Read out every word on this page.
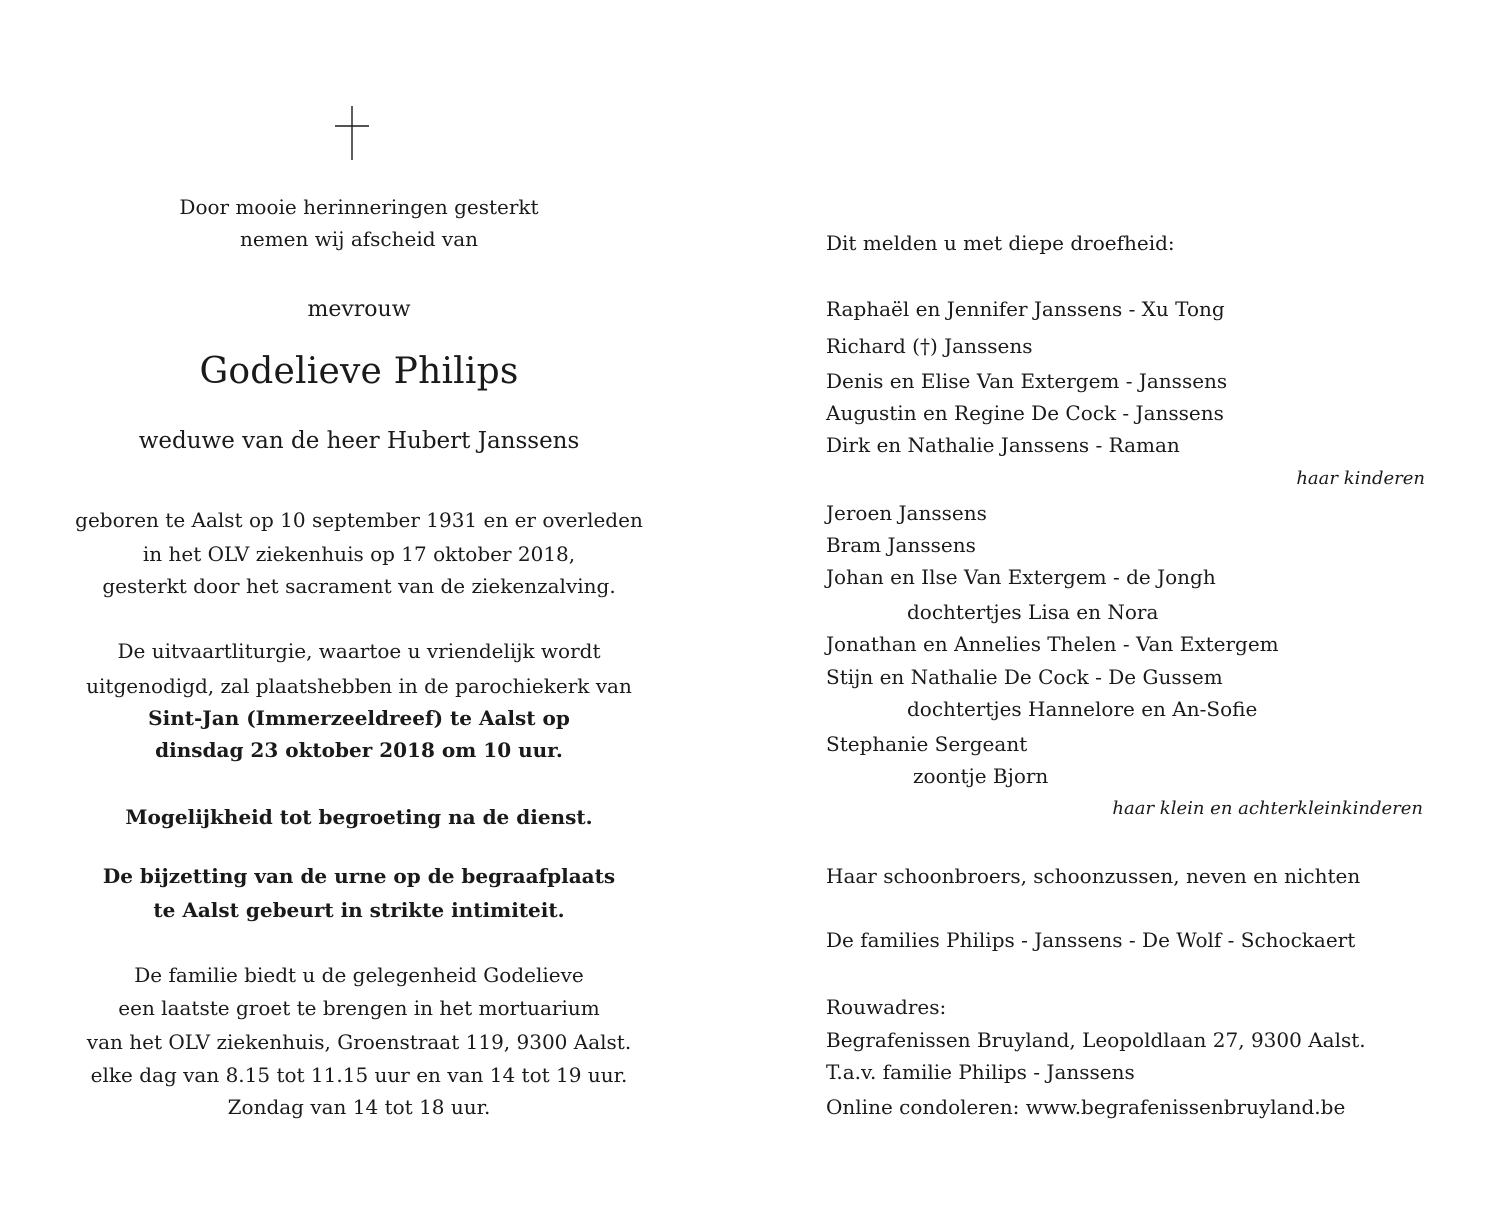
Door mooie herinneringen gesterkt
nemen wij afscheid van
mevrouw
Godelieve Philips
weduwe van de heer Hubert Janssens
geboren te Aalst op 10 september 1931 en er overleden
in het OLV ziekenhuis op 17 oktober 2018,
gesterkt door het sacrament van de ziekenzalving.
De uitvaartliturgie, waartoe u vriendelijk wordt
uitgenodigd, zal plaatshebben in de parochiekerk van
Sint-Jan (Immerzeeldreef) te Aalst op
dinsdag 23 oktober 2018 om 10 uur.
Mogelijkheid tot begroeting na de dienst.
De bijzetting van de urne op de begraafplaats
te Aalst gebeurt in strikte intimiteit.
De familie biedt u de gelegenheid Godelieve
een laatste groet te brengen in het mortuarium
van het OLV ziekenhuis, Groenstraat 119, 9300 Aalst.
elke dag van 8.15 tot 11.15 uur en van 14 tot 19 uur.
Zondag van 14 tot 18 uur.
Dit melden u met diepe droefheid:
Raphaël en Jennifer Janssens - Xu Tong
Richard (†) Janssens
Denis en Elise Van Extergem - Janssens
Augustin en Regine De Cock - Janssens
Dirk en Nathalie Janssens - Raman
haar kinderen
Jeroen Janssens
Bram Janssens
Johan en Ilse Van Extergem - de Jongh
dochtertjes Lisa en Nora
Jonathan en Annelies Thelen - Van Extergem
Stijn en Nathalie De Cock - De Gussem
dochtertjes Hannelore en An-Sofie
Stephanie Sergeant
zoontje Bjorn
haar klein en achterkleinkinderen
Haar schoonbroers, schoonzussen, neven en nichten
De families Philips - Janssens - De Wolf - Schockaert
Rouwadres:
Begrafenissen Bruyland, Leopoldlaan 27, 9300 Aalst.
T.a.v. familie Philips - Janssens
Online condoleren: www.begrafenissenbruyland.be
